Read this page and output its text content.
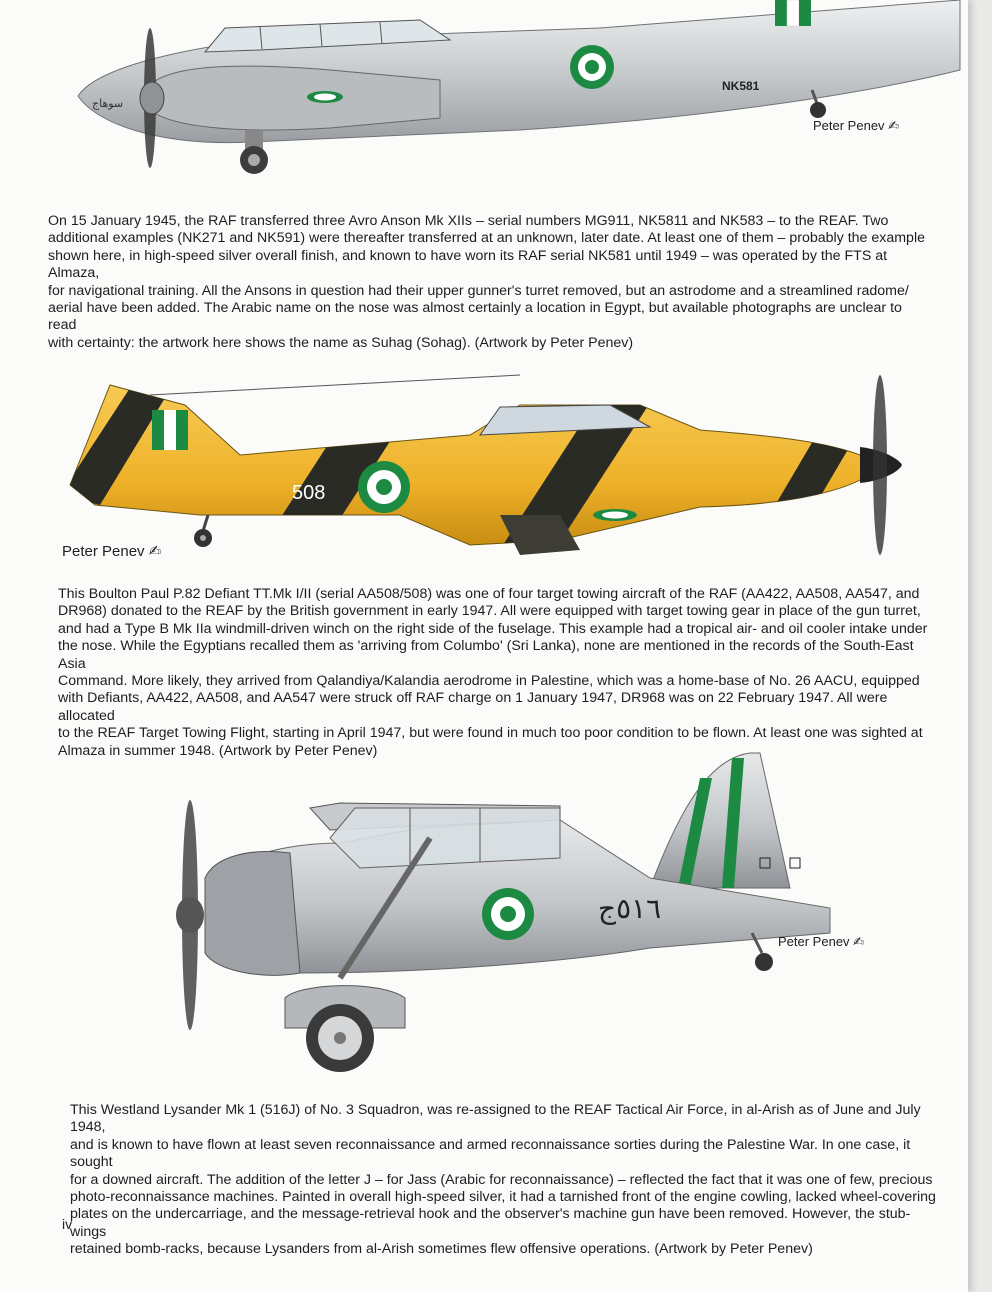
NK581
سوهاج
Peter Penev ✍
On 15 January 1945, the RAF transferred three Avro Anson Mk XIIs – serial numbers MG911, NK5811 and NK583 – to the REAF. Two
additional examples (NK271 and NK591) were thereafter transferred at an unknown, later date. At least one of them – probably the example
shown here, in high-speed silver overall finish, and known to have worn its RAF serial NK581 until 1949 – was operated by the FTS at Almaza,
for navigational training. All the Ansons in question had their upper gunner's turret removed, but an astrodome and a streamlined radome/
aerial have been added. The Arabic name on the nose was almost certainly a location in Egypt, but available photographs are unclear to read
with certainty: the artwork here shows the name as Suhag (Sohag). (Artwork by Peter Penev)
508
Peter Penev ✍
This Boulton Paul P.82 Defiant TT.Mk I/II (serial AA508/508) was one of four target towing aircraft of the RAF (AA422, AA508, AA547, and
DR968) donated to the REAF by the British government in early 1947. All were equipped with target towing gear in place of the gun turret,
and had a Type B Mk IIa windmill-driven winch on the right side of the fuselage. This example had a tropical air- and oil cooler intake under
the nose. While the Egyptians recalled them as 'arriving from Columbo' (Sri Lanka), none are mentioned in the records of the South-East Asia
Command. More likely, they arrived from Qalandiya/Kalandia aerodrome in Palestine, which was a home-base of No. 26 AACU, equipped
with Defiants, AA422, AA508, and AA547 were struck off RAF charge on 1 January 1947, DR968 was on 22 February 1947. All were allocated
to the REAF Target Towing Flight, starting in April 1947, but were found in much too poor condition to be flown. At least one was sighted at
Almaza in summer 1948. (Artwork by Peter Penev)
٥١٦ج
Peter Penev ✍
This Westland Lysander Mk 1 (516J) of No. 3 Squadron, was re-assigned to the REAF Tactical Air Force, in al-Arish as of June and July 1948,
and is known to have flown at least seven reconnaissance and armed reconnaissance sorties during the Palestine War. In one case, it sought
for a downed aircraft. The addition of the letter J – for Jass (Arabic for reconnaissance) – reflected the fact that it was one of few, precious
photo-reconnaissance machines. Painted in overall high-speed silver, it had a tarnished front of the engine cowling, lacked wheel-covering
plates on the undercarriage, and the message-retrieval hook and the observer's machine gun have been removed. However, the stub-wings
retained bomb-racks, because Lysanders from al-Arish sometimes flew offensive operations. (Artwork by Peter Penev)
iv
